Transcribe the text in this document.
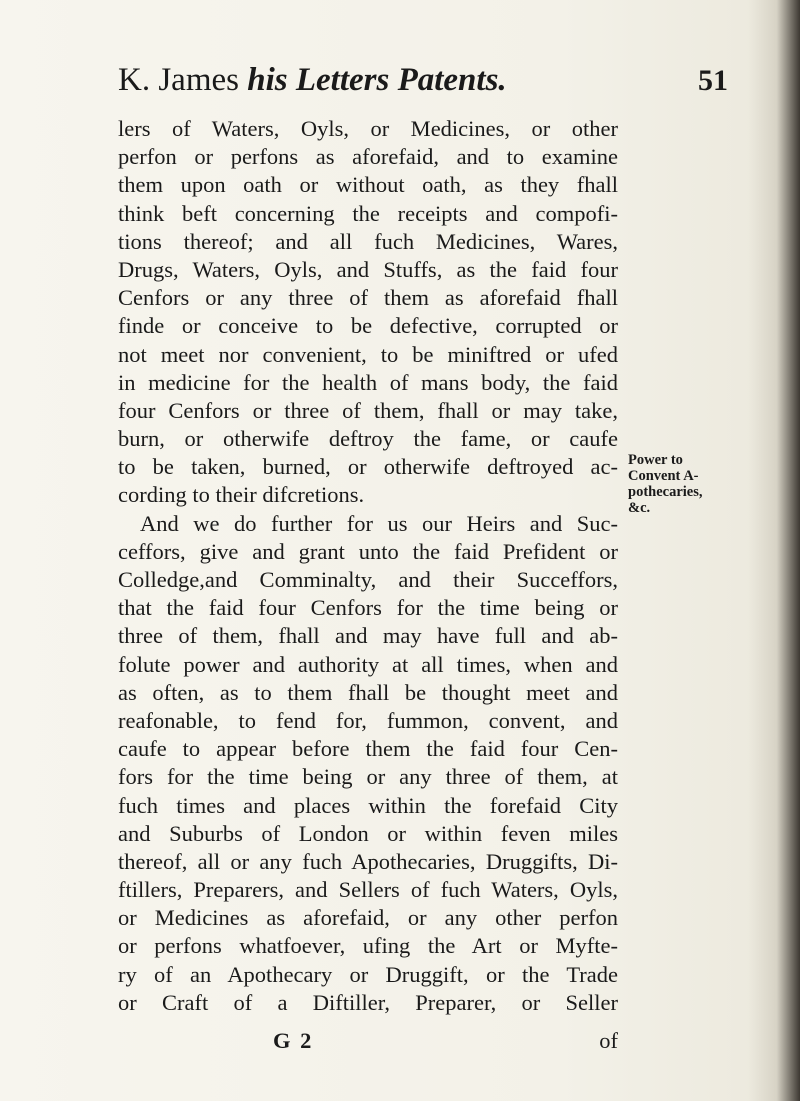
K. James his Letters Patents.	51
lers of Waters, Oyls, or Medicines, or other
perfon or perfons as aforefaid, and to examine
them upon oath or without oath, as they fhall
think beft concerning the receipts and compofi-
tions thereof; and all fuch Medicines, Wares,
Drugs, Waters, Oyls, and Stuffs, as the faid four
Cenfors or any three of them as aforefaid fhall
finde or conceive to be defective, corrupted or
not meet nor convenient, to be miniftred or ufed
in medicine for the health of mans body, the faid
four Cenfors or three of them, fhall or may take,
burn, or otherwife deftroy the fame, or caufe
to be taken, burned, or otherwife deftroyed ac-
cording to their difcretions.
And we do further for us our Heirs and Suc-
ceffors, give and grant unto the faid Prefident or
Colledge,and Comminalty, and their Succeffors,
that the faid four Cenfors for the time being or
three of them, fhall and may have full and ab-
folute power and authority at all times, when and
as often, as to them fhall be thought meet and
reafonable, to fend for, fummon, convent, and
caufe to appear before them the faid four Cen-
fors for the time being or any three of them, at
fuch times and places within the forefaid City
and Suburbs of London or within feven miles
thereof, all or any fuch Apothecaries, Druggifts, Di-
ftillers, Preparers, and Sellers of fuch Waters, Oyls,
or Medicines as aforefaid, or any other perfon
or perfons whatfoever, ufing the Art or Myfte-
ry of an Apothecary or Druggift, or the Trade
or Craft of a Diftiller, Preparer, or Seller
Power to
Convent A-
pothecaries,
&c.
G 2	of
